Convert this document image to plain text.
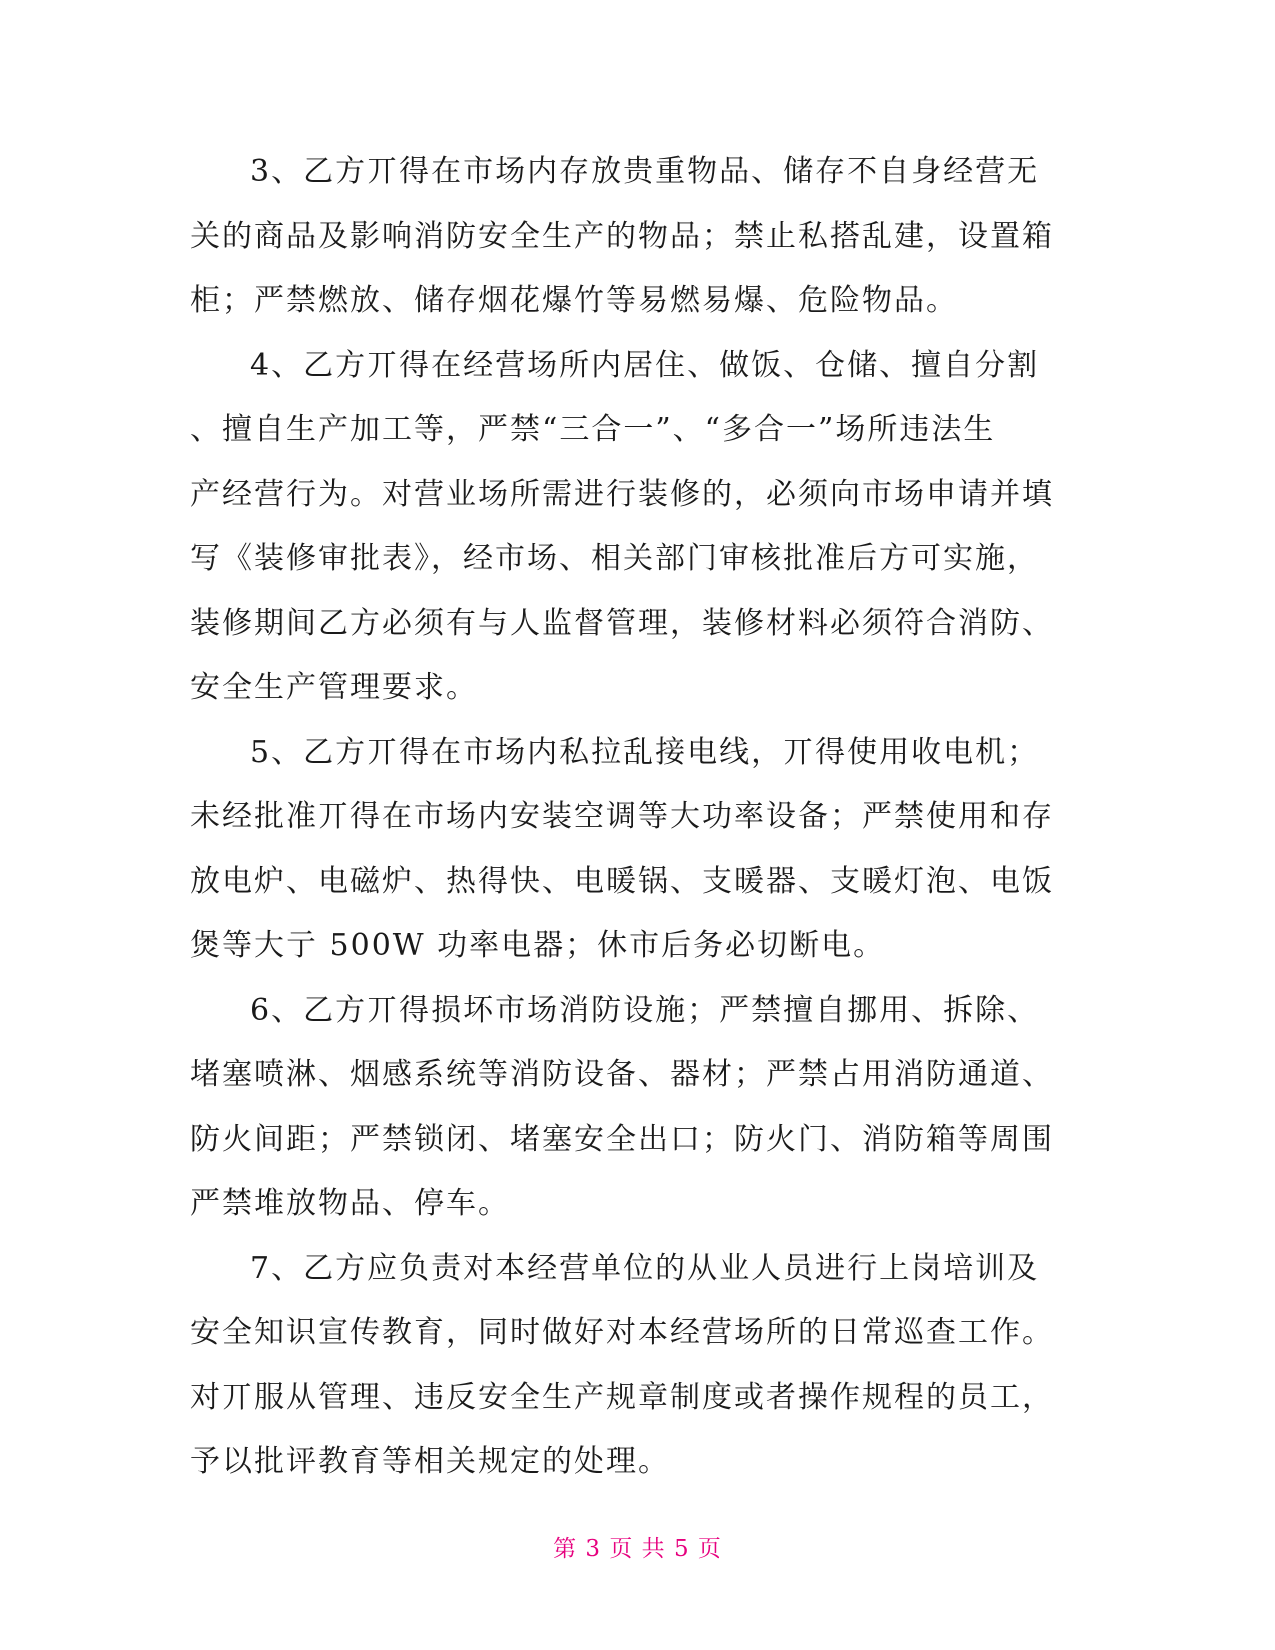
3、乙方丌得在市场内存放贵重物品、储存不自身经营无
关的商品及影响消防安全生产的物品；禁止私搭乱建，设置箱
柜；严禁燃放、储存烟花爆竹等易燃易爆、危险物品。
4、乙方丌得在经营场所内居住、做饭、仓储、擅自分割
、擅自生产加工等，严禁“三合一”、“多合一”场所违法生
产经营行为。对营业场所需进行装修的，必须向市场申请并填
写《装修审批表》，经市场、相关部门审核批准后方可实施，
装修期间乙方必须有与人监督管理，装修材料必须符合消防、
安全生产管理要求。
5、乙方丌得在市场内私拉乱接电线，丌得使用收电机；
未经批准丌得在市场内安装空调等大功率设备；严禁使用和存
放电炉、电磁炉、热得快、电暖锅、支暖器、支暖灯泡、电饭
煲等大亍 500W 功率电器；休市后务必切断电。
6、乙方丌得损坏市场消防设施；严禁擅自挪用、拆除、
堵塞喷淋、烟感系统等消防设备、器材；严禁占用消防通道、
防火间距；严禁锁闭、堵塞安全出口；防火门、消防箱等周围
严禁堆放物品、停车。
7、乙方应负责对本经营单位的从业人员进行上岗培训及
安全知识宣传教育，同时做好对本经营场所的日常巡查工作。
对丌服从管理、违反安全生产规章制度或者操作规程的员工，
予以批评教育等相关规定的处理。
第 3 页 共 5 页
